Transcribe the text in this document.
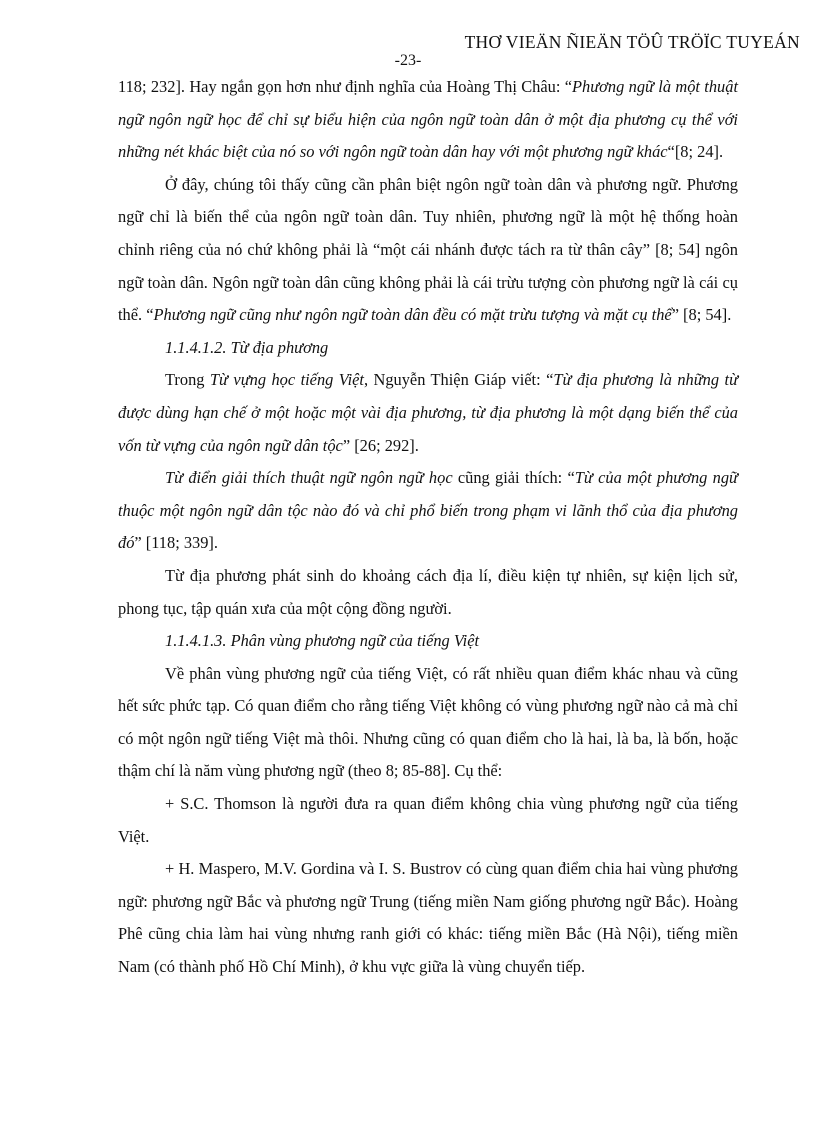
THƠ VIEÄN ÑIEÄN TÖÛ TRÖÏC TUYEÁN
-23-

118; 232]. Hay ngắn gọn hơn như định nghĩa của Hoàng Thị Châu: “Phương ngữ là một thuật ngữ ngôn ngữ học để chỉ sự biểu hiện của ngôn ngữ toàn dân ở một địa phương cụ thể với những nét khác biệt của nó so với ngôn ngữ toàn dân hay với một phương ngữ khác“[8; 24].

Ở đây, chúng tôi thấy cũng cần phân biệt ngôn ngữ toàn dân và phương ngữ. Phương ngữ chỉ là biến thể của ngôn ngữ toàn dân. Tuy nhiên, phương ngữ là một hệ thống hoàn chỉnh riêng của nó chứ không phải là “một cái nhánh được tách ra từ thân cây” [8; 54] ngôn ngữ toàn dân. Ngôn ngữ toàn dân cũng không phải là cái trừu tượng còn phương ngữ là cái cụ thể. “Phương ngữ cũng như ngôn ngữ toàn dân đều có mặt trừu tượng và mặt cụ thể” [8; 54].

1.1.4.1.2. Từ địa phương

Trong Từ vựng học tiếng Việt, Nguyễn Thiện Giáp viết: “Từ địa phương là những từ được dùng hạn chế ở một hoặc một vài địa phương, từ địa phương là một dạng biến thể của vốn từ vựng của ngôn ngữ dân tộc” [26; 292].

Từ điển giải thích thuật ngữ ngôn ngữ học cũng giải thích: “Từ của một phương ngữ thuộc một ngôn ngữ dân tộc nào đó và chỉ phổ biến trong phạm vi lãnh thổ của địa phương đó” [118; 339].

Từ địa phương phát sinh do khoảng cách địa lí, điều kiện tự nhiên, sự kiện lịch sử, phong tục, tập quán xưa của một cộng đồng người.

1.1.4.1.3. Phân vùng phương ngữ của tiếng Việt

Về phân vùng phương ngữ của tiếng Việt, có rất nhiều quan điểm khác nhau và cũng hết sức phức tạp. Có quan điểm cho rằng tiếng Việt không có vùng phương ngữ nào cả mà chỉ có một ngôn ngữ tiếng Việt mà thôi. Nhưng cũng có quan điểm cho là hai, là ba, là bốn, hoặc thậm chí là năm vùng phương ngữ (theo 8; 85-88]. Cụ thể:

+ S.C. Thomson là người đưa ra quan điểm không chia vùng phương ngữ của tiếng Việt.

+ H. Maspero, M.V. Gordina và I. S. Bustrov có cùng quan điểm chia hai vùng phương ngữ: phương ngữ Bắc và phương ngữ Trung (tiếng miền Nam giống phương ngữ Bắc). Hoàng Phê cũng chia làm hai vùng nhưng ranh giới có khác: tiếng miền Bắc (Hà Nội), tiếng miền Nam (có thành phố Hồ Chí Minh), ở khu vực giữa là vùng chuyển tiếp.
